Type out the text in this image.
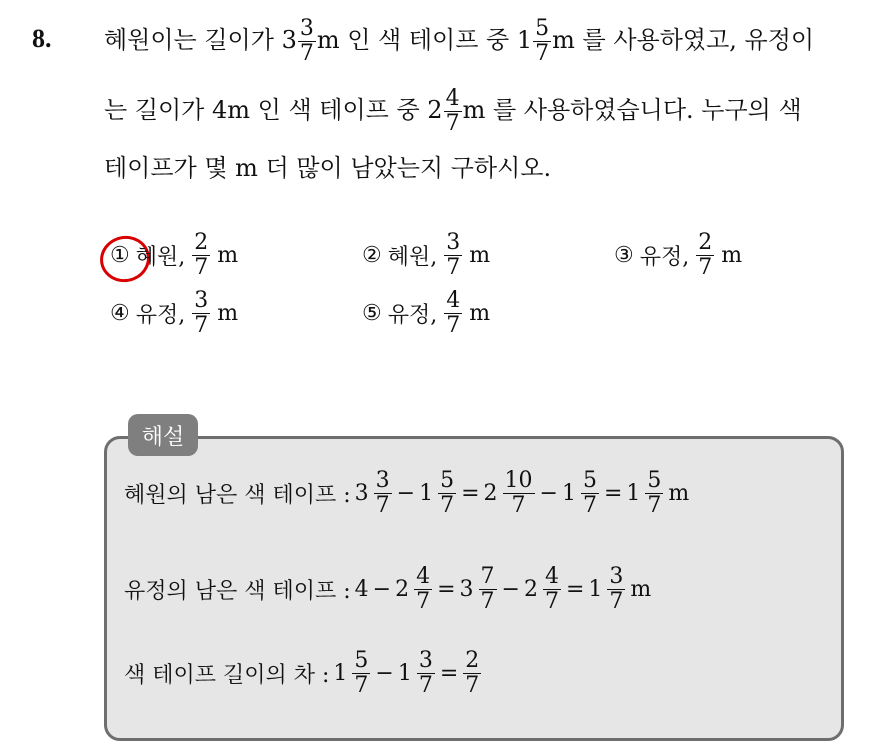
8. 혜원이는 길이가 $3 \frac{3}{7}$ m 인 색 테이프 중 $1 \frac{5}{7}$ m 를 사용하였고, 유정이
는 길이가 4m 인 색 테이프 중 $2 \frac{4}{7}$ m 를 사용하였습니다. 누구의 색
테이프가 몇 m 더 많이 남았는지 구하시오.
① 혜원, $\frac{2}{7}$ m	② 혜원, $\frac{3}{7}$ m	③ 유정, $\frac{2}{7}$ m
④ 유정, $\frac{3}{7}$ m	⑤ 유정, $\frac{4}{7}$ m
해설
혜원의 남은 색 테이프 : $3 \frac{3}{7} - 1 \frac{5}{7} = 2 \frac{10}{7} - 1 \frac{5}{7} = 1 \frac{5}{7}$ m
유정의 남은 색 테이프 : $4 - 2 \frac{4}{7} = 3 \frac{7}{7} - 2 \frac{4}{7} = 1 \frac{3}{7}$ m
색 테이프 길이의 차 : $1 \frac{5}{7} - 1 \frac{3}{7} = \frac{2}{7}$
